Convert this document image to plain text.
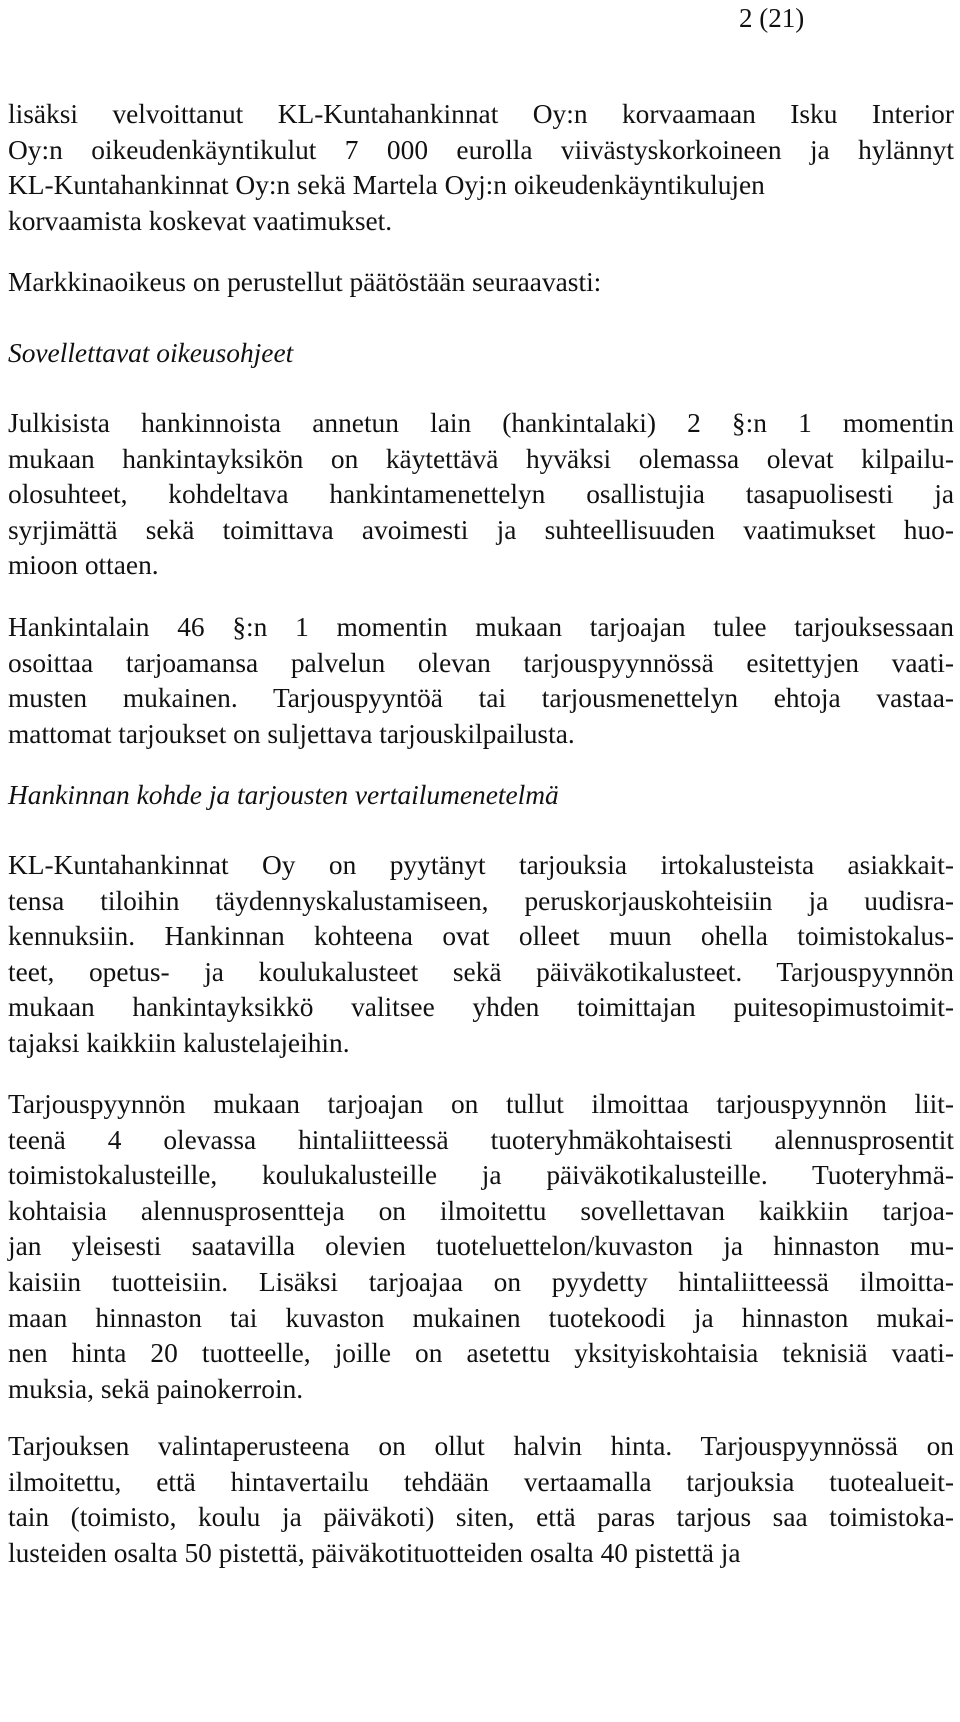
2 (21)
lisäksi velvoittanut KL-Kuntahankinnat Oy:n korvaamaan Isku Interior
Oy:n oikeudenkäyntikulut 7 000 eurolla viivästyskorkoineen ja hylännyt
KL-Kuntahankinnat Oy:n sekä Martela Oyj:n oikeudenkäyntikulujen
korvaamista koskevat vaatimukset.
Markkinaoikeus on perustellut päätöstään seuraavasti:
Sovellettavat oikeusohjeet
Julkisista hankinnoista annetun lain (hankintalaki) 2 §:n 1 momentin
mukaan hankintayksikön on käytettävä hyväksi olemassa olevat kilpailu-
olosuhteet, kohdeltava hankintamenettelyn osallistujia tasapuolisesti ja
syrjimättä sekä toimittava avoimesti ja suhteellisuuden vaatimukset huo-
mioon ottaen.
Hankintalain 46 §:n 1 momentin mukaan tarjoajan tulee tarjouksessaan
osoittaa tarjoamansa palvelun olevan tarjouspyynnössä esitettyjen vaati-
musten mukainen. Tarjouspyyntöä tai tarjousmenettelyn ehtoja vastaa-
mattomat tarjoukset on suljettava tarjouskilpailusta.
Hankinnan kohde ja tarjousten vertailumenetelmä
KL-Kuntahankinnat Oy on pyytänyt tarjouksia irtokalusteista asiakkait-
tensa tiloihin täydennyskalustamiseen, peruskorjauskohteisiin ja uudisra-
kennuksiin. Hankinnan kohteena ovat olleet muun ohella toimistokalus-
teet, opetus- ja koulukalusteet sekä päiväkotikalusteet. Tarjouspyynnön
mukaan hankintayksikkö valitsee yhden toimittajan puitesopimustoimit-
tajaksi kaikkiin kalustelajeihin.
Tarjouspyynnön mukaan tarjoajan on tullut ilmoittaa tarjouspyynnön liit-
teenä 4 olevassa hintaliitteessä tuoteryhmäkohtaisesti alennusprosentit
toimistokalusteille, koulukalusteille ja päiväkotikalusteille. Tuoteryhmä-
kohtaisia alennusprosentteja on ilmoitettu sovellettavan kaikkiin tarjoa-
jan yleisesti saatavilla olevien tuoteluettelon/kuvaston ja hinnaston mu-
kaisiin tuotteisiin. Lisäksi tarjoajaa on pyydetty hintaliitteessä ilmoitta-
maan hinnaston tai kuvaston mukainen tuotekoodi ja hinnaston mukai-
nen hinta 20 tuotteelle, joille on asetettu yksityiskohtaisia teknisiä vaati-
muksia, sekä painokerroin.
Tarjouksen valintaperusteena on ollut halvin hinta. Tarjouspyynnössä on
ilmoitettu, että hintavertailu tehdään vertaamalla tarjouksia tuotealueit-
tain (toimisto, koulu ja päiväkoti) siten, että paras tarjous saa toimistoka-
lusteiden osalta 50 pistettä, päiväkotituotteiden osalta 40 pistettä ja
